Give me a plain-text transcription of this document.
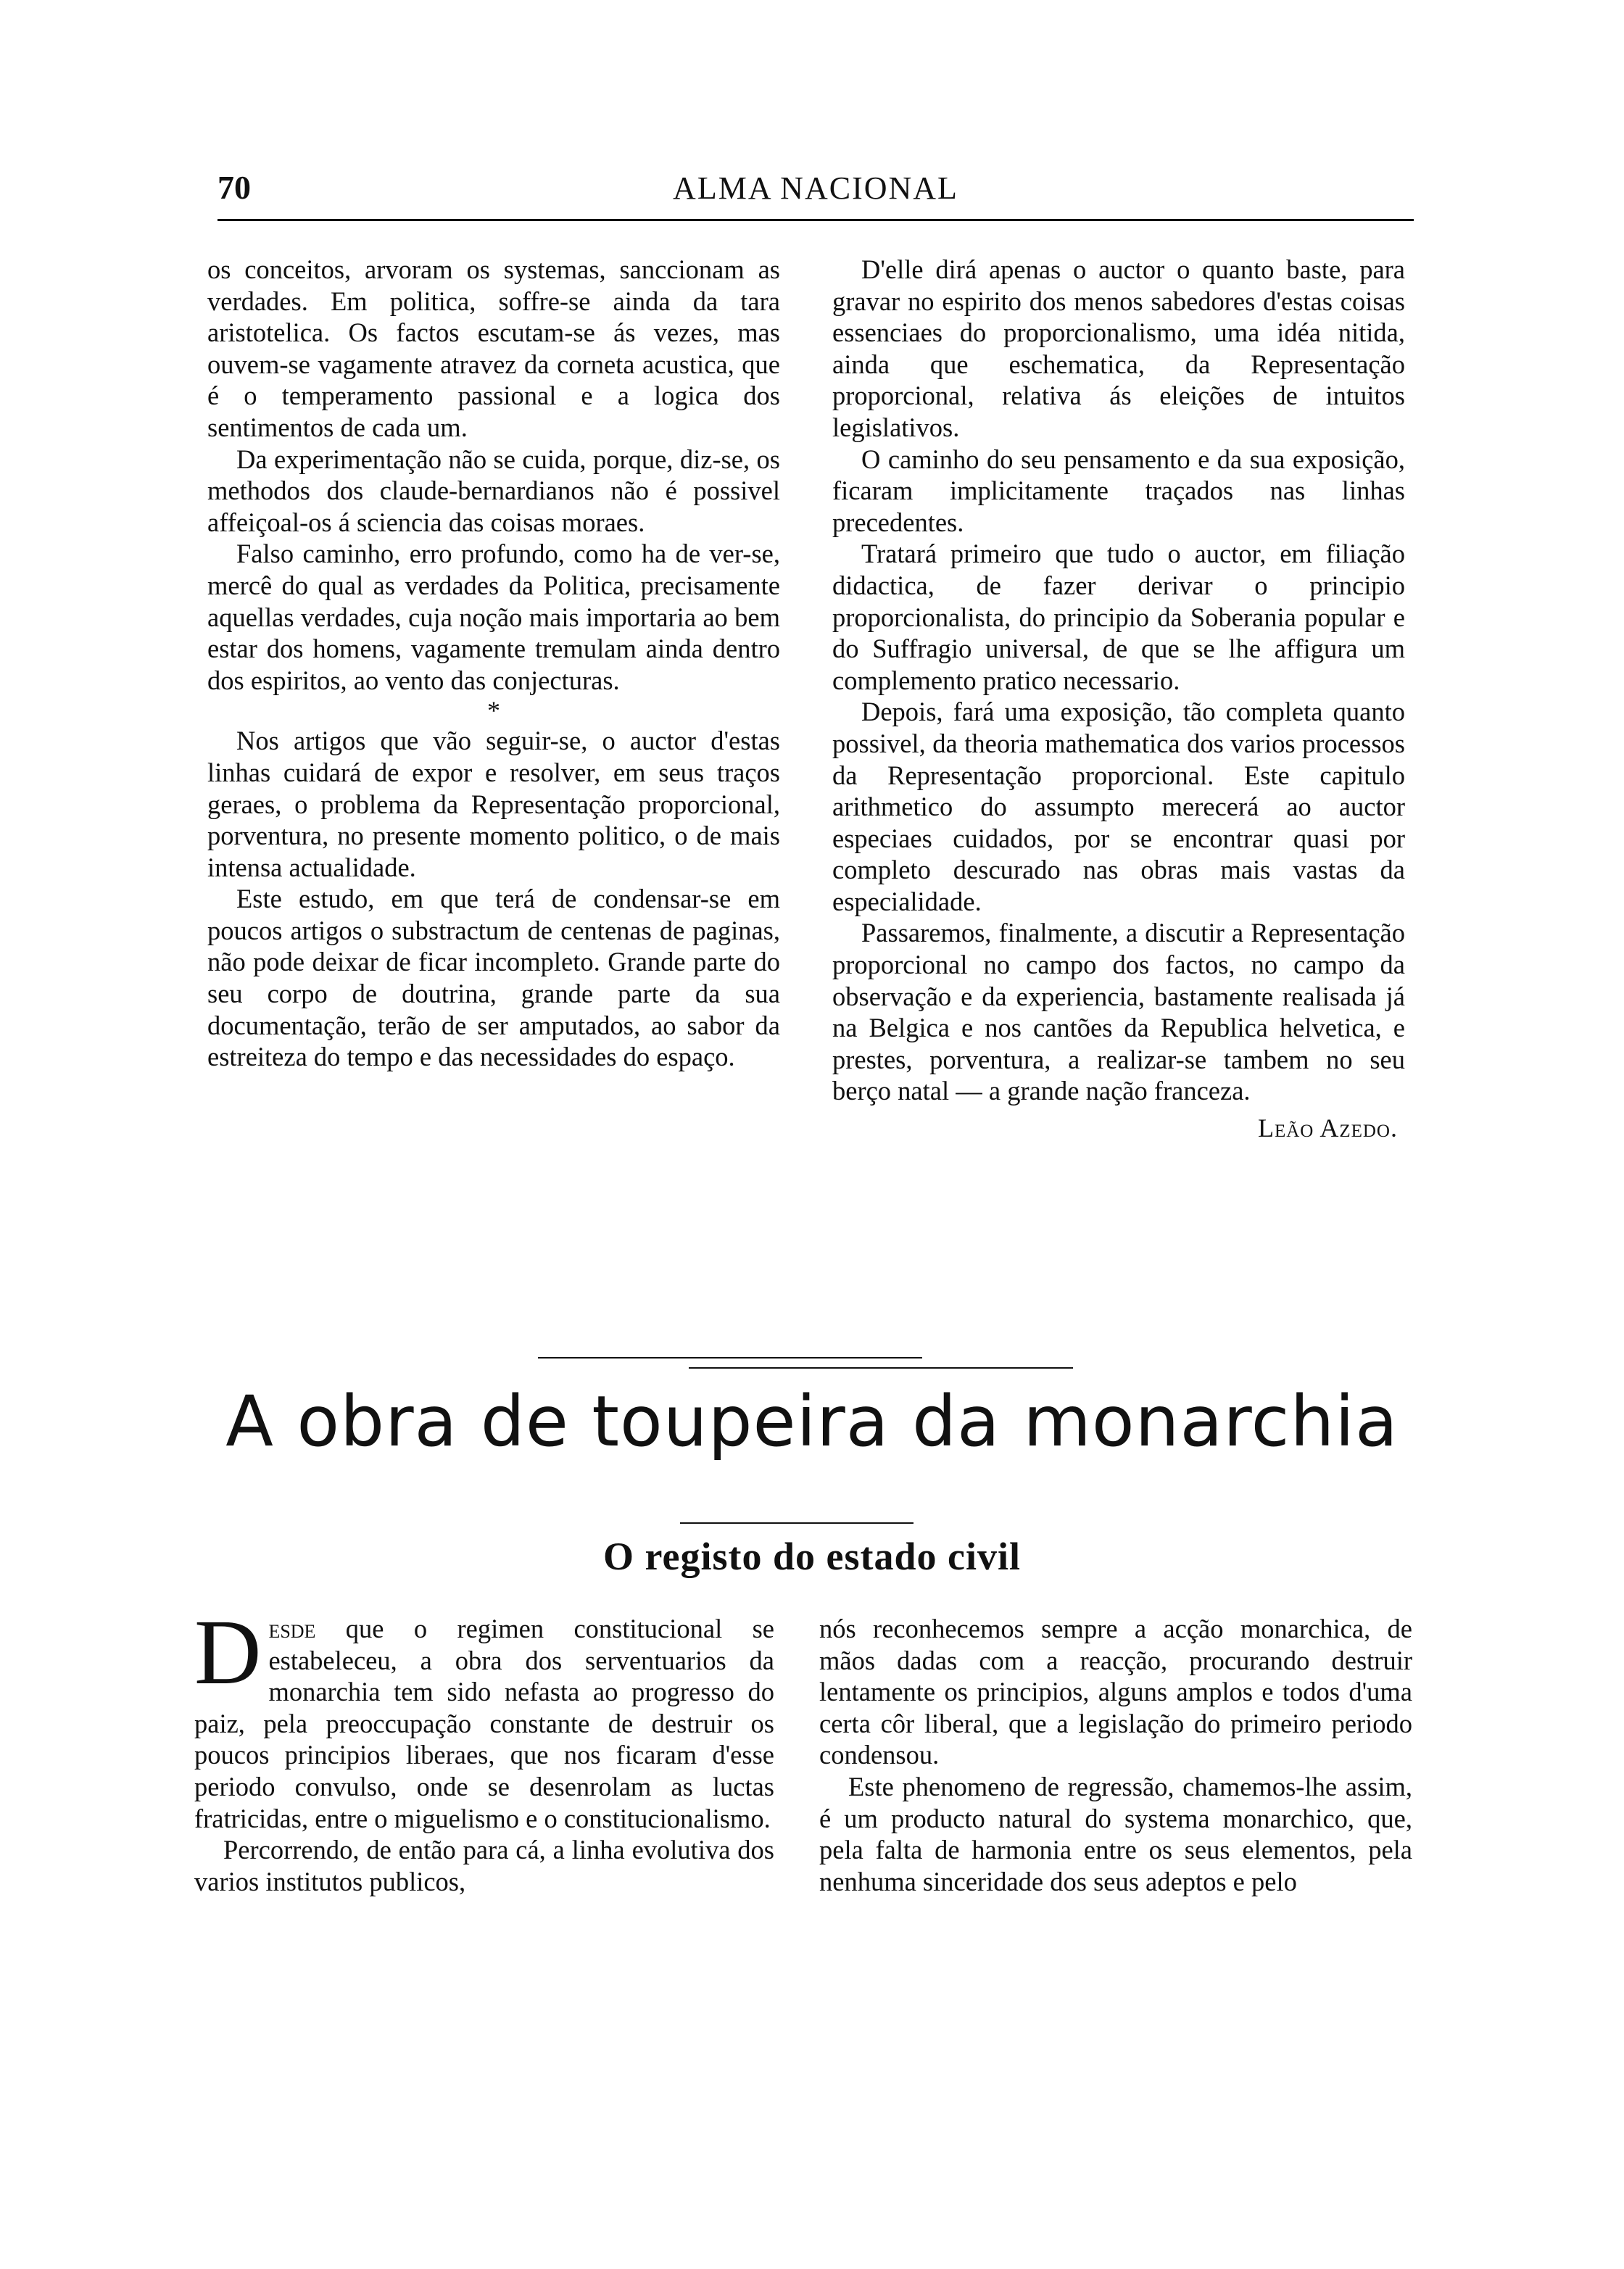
70	ALMA NACIONAL

os conceitos, arvoram os systemas, sanccionam as verdades. Em politica, soffre-se ainda da tara aristotelica. Os factos escutam-se ás vezes, mas ouvem-se vagamente atravez da corneta acustica, que é o temperamento passional e a logica dos sentimentos de cada um.

Da experimentação não se cuida, porque, diz-se, os methodos dos claude-bernardianos não é possivel affeiçoal-os á sciencia das coisas moraes.

Falso caminho, erro profundo, como ha de ver-se, mercê do qual as verdades da Politica, precisamente aquellas verdades, cuja noção mais importaria ao bem estar dos homens, vagamente tremulam ainda dentro dos espiritos, ao vento das conjecturas.

*

Nos artigos que vão seguir-se, o auctor d'estas linhas cuidará de expor e resolver, em seus traços geraes, o problema da Representação proporcional, porventura, no presente momento politico, o de mais intensa actualidade.

Este estudo, em que terá de condensar-se em poucos artigos o substractum de centenas de paginas, não pode deixar de ficar incompleto. Grande parte do seu corpo de doutrina, grande parte da sua documentação, terão de ser amputados, ao sabor da estreiteza do tempo e das necessidades do espaço.

D'elle dirá apenas o auctor o quanto baste, para gravar no espirito dos menos sabedores d'estas coisas essenciaes do proporcionalismo, uma idéa nitida, ainda que eschematica, da Representação proporcional, relativa ás eleições de intuitos legislativos.

O caminho do seu pensamento e da sua exposição, ficaram implicitamente traçados nas linhas precedentes.

Tratará primeiro que tudo o auctor, em filiação didactica, de fazer derivar o principio proporcionalista, do principio da Soberania popular e do Suffragio universal, de que se lhe affigura um complemento pratico necessario.

Depois, fará uma exposição, tão completa quanto possivel, da theoria mathematica dos varios processos da Representação proporcional. Este capitulo arithmetico do assumpto merecerá ao auctor especiaes cuidados, por se encontrar quasi por completo descurado nas obras mais vastas da especialidade.

Passaremos, finalmente, a discutir a Representação proporcional no campo dos factos, no campo da observação e da experiencia, bastamente realisada já na Belgica e nos cantões da Republica helvetica, e prestes, porventura, a realizar-se tambem no seu berço natal — a grande nação franceza.

Leão Azedo.
A obra de toupeira da monarchia
O registo do estado civil

Desde que o regimen constitucional se estabeleceu, a obra dos serventuarios da monarchia tem sido nefasta ao progresso do paiz, pela preoccupação constante de destruir os poucos principios liberaes, que nos ficaram d'esse periodo convulso, onde se desenrolam as luctas fratricidas, entre o miguelismo e o constitucionalismo.

Percorrendo, de então para cá, a linha evolutiva dos varios institutos publicos,

nós reconhecemos sempre a acção monarchica, de mãos dadas com a reacção, procurando destruir lentamente os principios, alguns amplos e todos d'uma certa côr liberal, que a legislação do primeiro periodo condensou.

Este phenomeno de regressão, chamemos-lhe assim, é um producto natural do systema monarchico, que, pela falta de harmonia entre os seus elementos, pela nenhuma sinceridade dos seus adeptos e pelo
